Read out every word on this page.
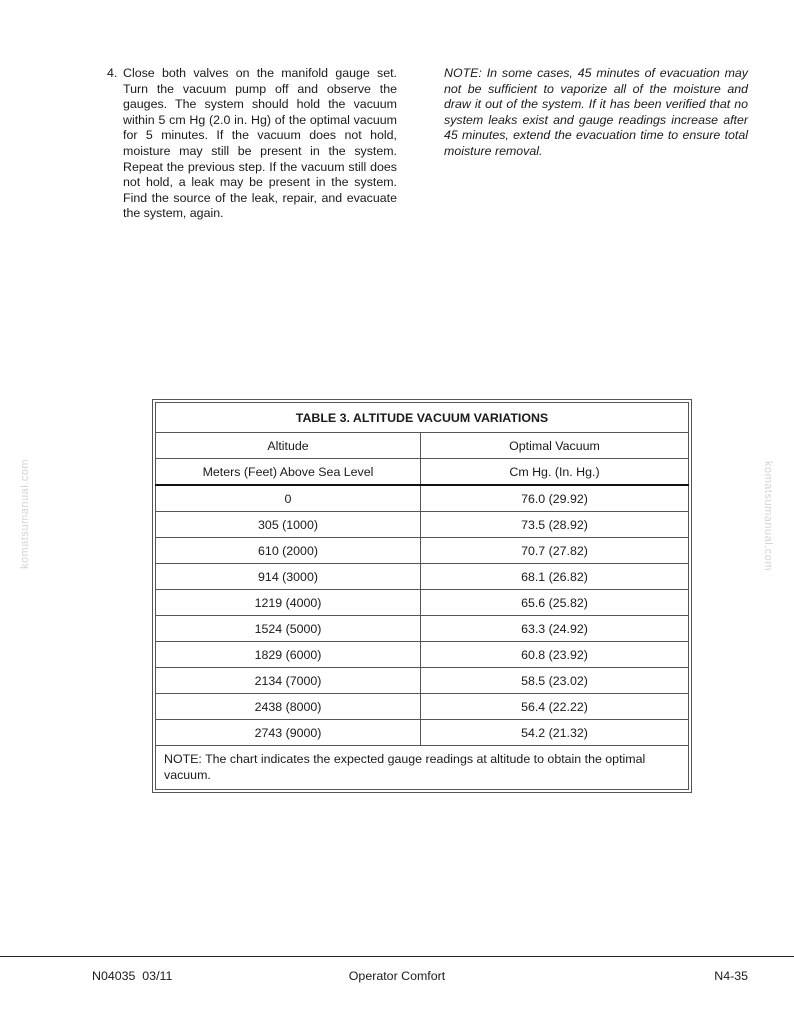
4. Close both valves on the manifold gauge set. Turn the vacuum pump off and observe the gauges. The system should hold the vacuum within 5 cm Hg (2.0 in. Hg) of the optimal vacuum for 5 minutes. If the vacuum does not hold, moisture may still be present in the system. Repeat the previous step. If the vacuum still does not hold, a leak may be present in the system. Find the source of the leak, repair, and evacuate the system, again.
NOTE: In some cases, 45 minutes of evacuation may not be sufficient to vaporize all of the moisture and draw it out of the system. If it has been verified that no system leaks exist and gauge readings increase after 45 minutes, extend the evacuation time to ensure total moisture removal.
TABLE 3. ALTITUDE VACUUM VARIATIONS	
Altitude	Optimal Vacuum
Meters (Feet) Above Sea Level	Cm Hg. (In. Hg.)
0	76.0 (29.92)
305 (1000)	73.5 (28.92)
610 (2000)	70.7 (27.82)
914 (3000)	68.1 (26.82)
1219 (4000)	65.6 (25.82)
1524 (5000)	63.3 (24.92)
1829 (6000)	60.8 (23.92)
2134 (7000)	58.5 (23.02)
2438 (8000)	56.4 (22.22)
2743 (9000)	54.2 (21.32)
NOTE: The chart indicates the expected gauge readings at altitude to obtain the optimal vacuum.	
komatsumanual.com	komatsumanual.com
N04035  03/11	Operator Comfort	N4-35
